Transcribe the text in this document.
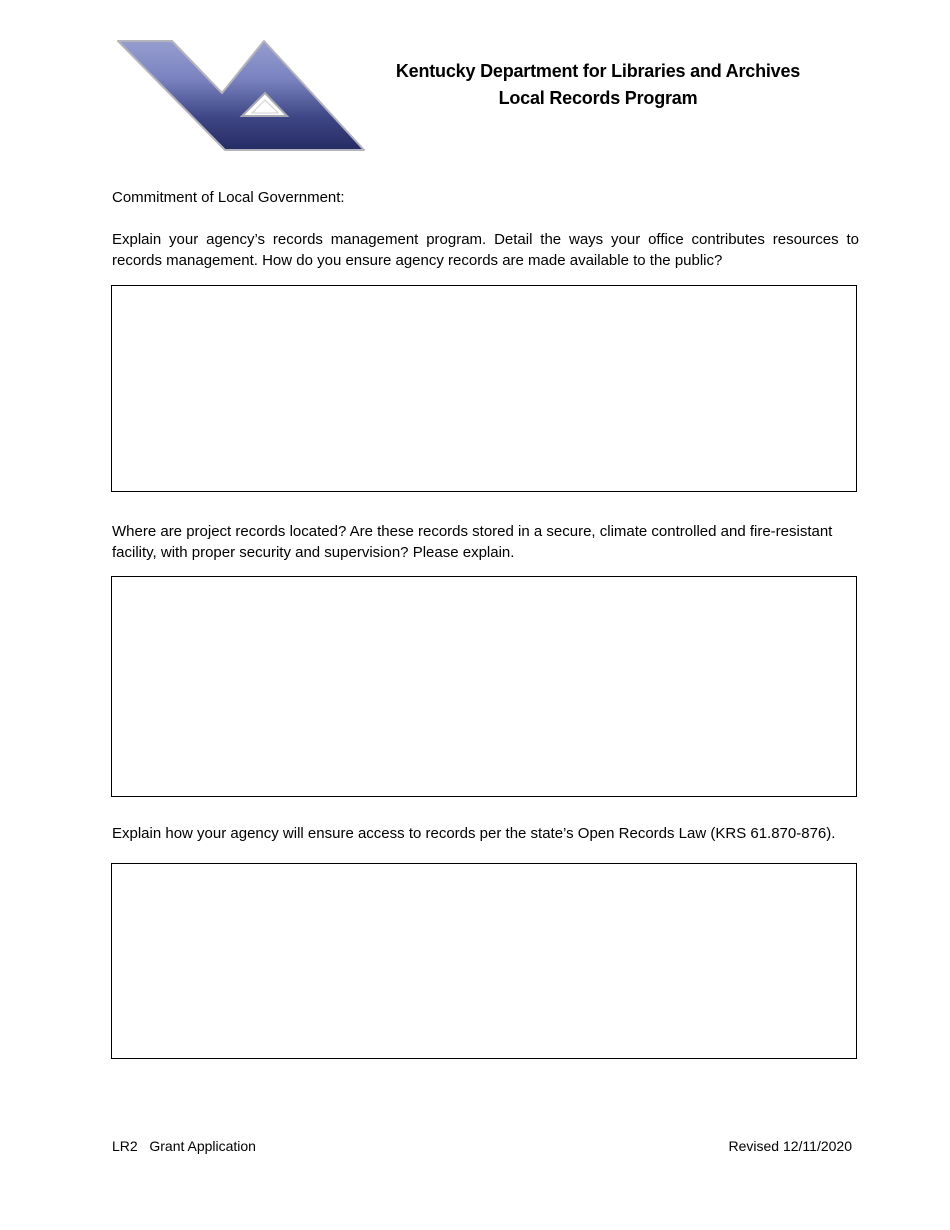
Kentucky Department for Libraries and Archives
Local Records Program
Commitment of Local Government:
Explain your agency’s records management program. Detail the ways your office contributes resources to records management. How do you ensure agency records are made available to the public?
Where are project records located? Are these records stored in a secure, climate controlled and fire-resistant facility, with proper security and supervision? Please explain.
Explain how your agency will ensure access to records per the state’s Open Records Law (KRS 61.870-876).
LR2   Grant Application	Revised 12/11/2020
